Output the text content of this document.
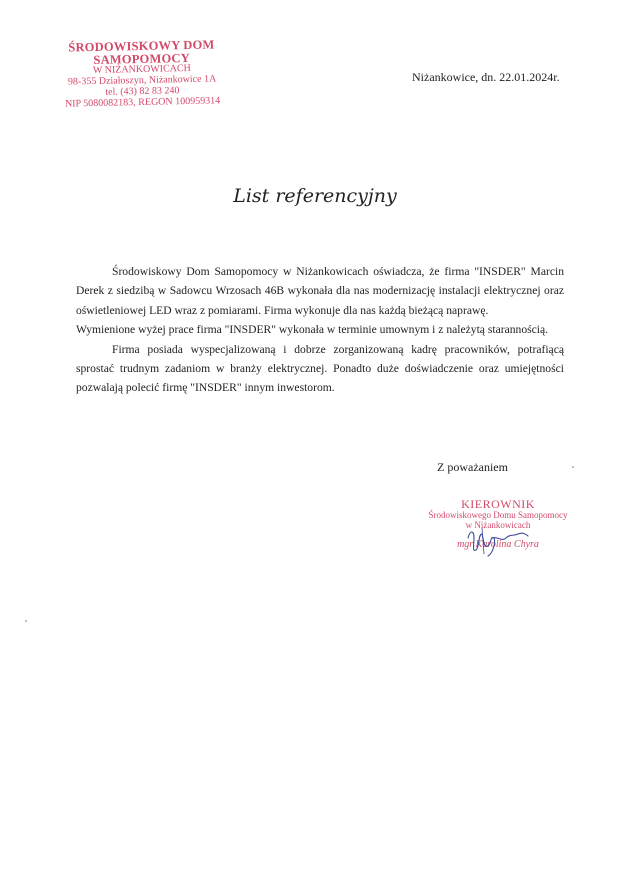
ŚRODOWISKOWY DOM
SAMOPOMOCY
W NIŻANKOWICACH
98-355 Działoszyn, Niżankowice 1A
tel. (43) 82 83 240
NIP 5080082183, REGON 100959314
Niżankowice, dn. 22.01.2024r.
List referencyjny

Środowiskowy Dom Samopomocy w Niżankowicach oświadcza, że firma "INSDER" Marcin Derek z siedzibą w Sadowcu Wrzosach 46B wykonała dla nas modernizację instalacji elektrycznej oraz oświetleniowej LED wraz z pomiarami. Firma wykonuje dla nas każdą bieżącą naprawę.

Wymienione wyżej prace firma "INSDER" wykonała w terminie umownym i z należytą starannością.

Firma posiada wyspecjalizowaną i dobrze zorganizowaną kadrę pracowników, potrafiącą sprostać trudnym zadaniom w branży elektrycznej. Ponadto duże doświadczenie oraz umiejętności pozwalają polecić firmę "INSDER" innym inwestorom.

Z poważaniem
KIEROWNIK
Środowiskowego Domu Samopomocy
w Niżankowicach
mgr Karolina Chyra
